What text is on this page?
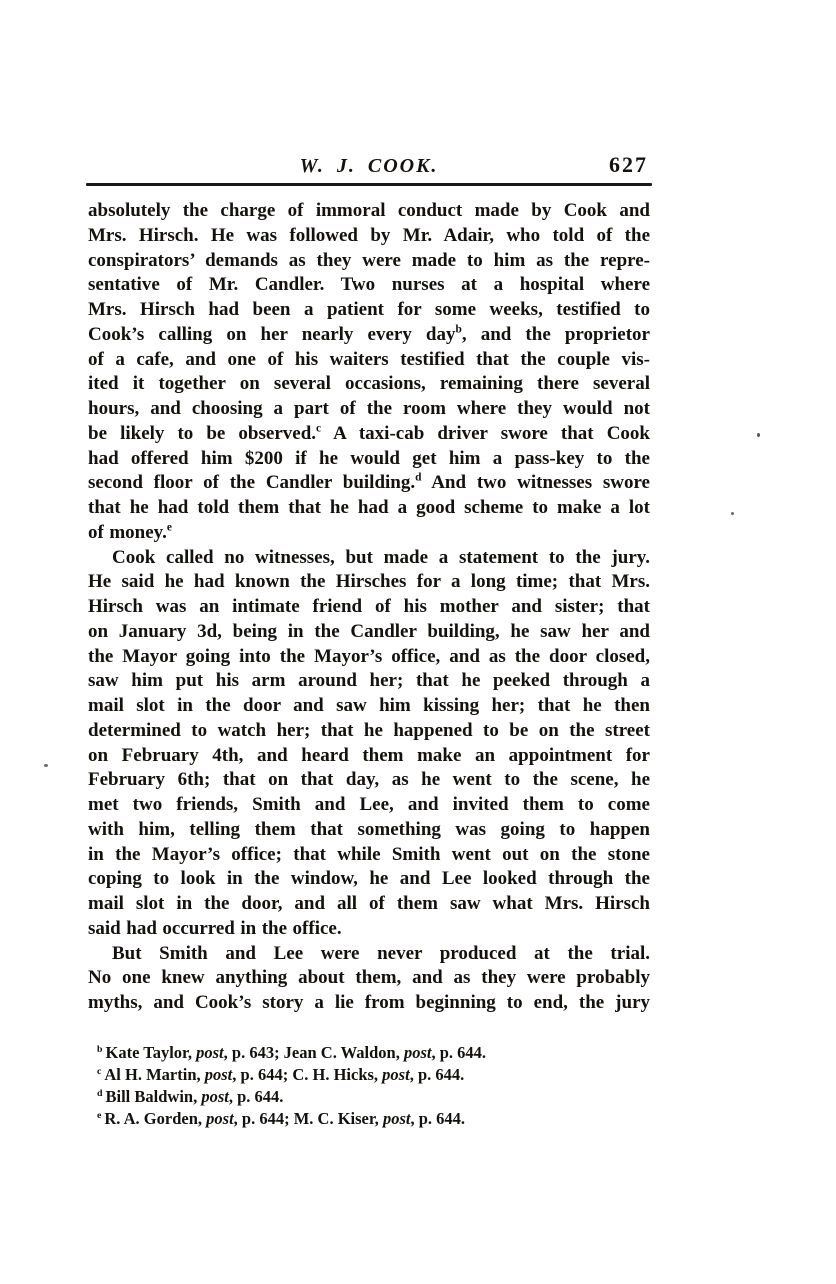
W. J. COOK.	627
absolutely the charge of immoral conduct made by Cook and
Mrs. Hirsch. He was followed by Mr. Adair, who told of the
conspirators’ demands as they were made to him as the repre-
sentative of Mr. Candler. Two nurses at a hospital where
Mrs. Hirsch had been a patient for some weeks, testified to
Cook’s calling on her nearly every day$^b$, and the proprietor
of a cafe, and one of his waiters testified that the couple vis-
ited it together on several occasions, remaining there several
hours, and choosing a part of the room where they would not
be likely to be observed.$^c$ A taxi-cab driver swore that Cook
had offered him $200 if he would get him a pass-key to the
second floor of the Candler building.$^d$ And two witnesses swore
that he had told them that he had a good scheme to make a lot
of money.$^e$
Cook called no witnesses, but made a statement to the jury.
He said he had known the Hirsches for a long time; that Mrs.
Hirsch was an intimate friend of his mother and sister; that
on January 3d, being in the Candler building, he saw her and
the Mayor going into the Mayor’s office, and as the door closed,
saw him put his arm around her; that he peeked through a
mail slot in the door and saw him kissing her; that he then
determined to watch her; that he happened to be on the street
on February 4th, and heard them make an appointment for
February 6th; that on that day, as he went to the scene, he
met two friends, Smith and Lee, and invited them to come
with him, telling them that something was going to happen
in the Mayor’s office; that while Smith went out on the stone
coping to look in the window, he and Lee looked through the
mail slot in the door, and all of them saw what Mrs. Hirsch
said had occurred in the office.
But Smith and Lee were never produced at the trial.
No one knew anything about them, and as they were probably
myths, and Cook’s story a lie from beginning to end, the jury
$^b$ Kate Taylor, post, p. 643; Jean C. Waldon, post, p. 644.
$^c$ Al H. Martin, post, p. 644; C. H. Hicks, post, p. 644.
$^d$ Bill Baldwin, post, p. 644.
$^e$ R. A. Gorden, post, p. 644; M. C. Kiser, post, p. 644.
